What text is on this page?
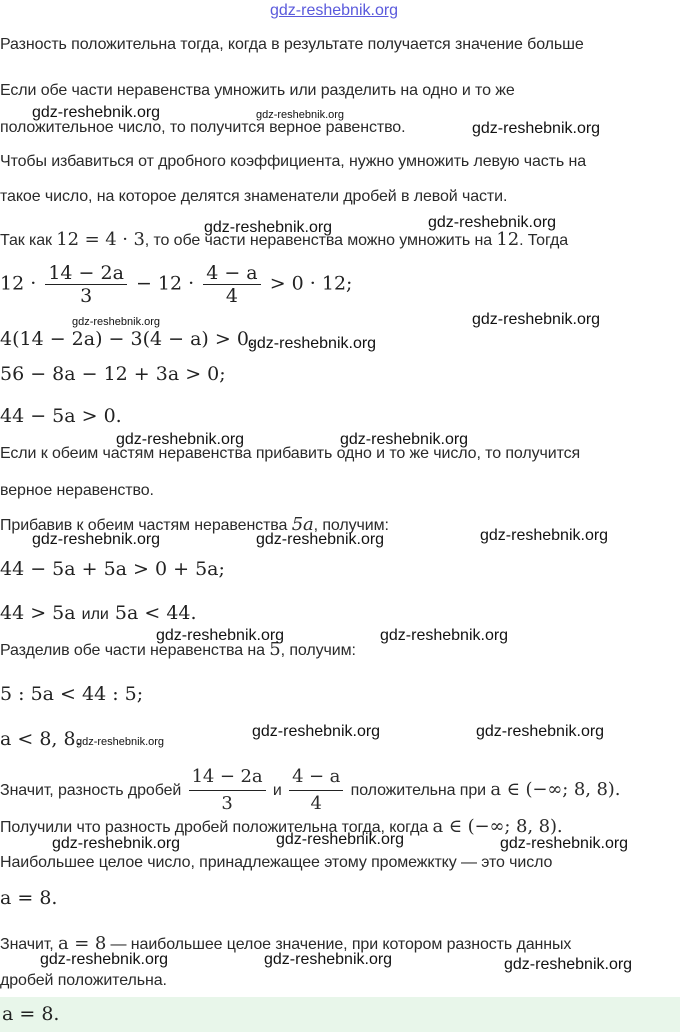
gdz-reshebnik.org
Разность положительна тогда, когда в результате получается значение больше
Если обе части неравенства умножить или разделить на одно и то же
положительное число, то получится верное равенство.
Чтобы избавиться от дробного коэффициента, нужно умножить левую часть на
такое число, на которое делятся знаменатели дробей в левой части.
Так как 12 = 4 · 3, то обе части неравенства можно умножить на 12. Тогда
$12 \cdot \frac{14 - 2a}{3} - 12 \cdot \frac{4 - a}{4} > 0 \cdot 12$;
4(14 − 2a) − 3(4 − a) > 0.
56 − 8a − 12 + 3a > 0;
44 − 5a > 0.
Если к обеим частям неравенства прибавить одно и то же число, то получится
верное неравенство.
Прибавив к обеим частям неравенства 5a, получим:
44 − 5a + 5a > 0 + 5a;
44 > 5a или 5a < 44.
Разделив обе части неравенства на 5, получим:
5 : 5a < 44 : 5;
a < 8, 8.
Значит, разность дробей $\frac{14 - 2a}{3}$ и $\frac{4 - a}{4}$ положительна при a ∈ (−∞; 8, 8).
Получили что разность дробей положительна тогда, когда a ∈ (−∞; 8, 8).
Наибольшее целое число, принадлежащее этому промежктку — это число
a = 8.
Значит, a = 8 — наибольшее целое значение, при котором разность данных
дробей положительна.
a = 8.
gdz-reshebnik.org	gdz-reshebnik.org
gdz-reshebnik.org
gdz-reshebnik.org	gdz-reshebnik.org
gdz-reshebnik.org	gdz-reshebnik.org
gdz-reshebnik.org
gdz-reshebnik.org	gdz-reshebnik.org
gdz-reshebnik.org	gdz-reshebnik.org	gdz-reshebnik.org
gdz-reshebnik.org	gdz-reshebnik.org
gdz-reshebnik.org
gdz-reshebnik.org	gdz-reshebnik.org
gdz-reshebnik.org	gdz-reshebnik.org	gdz-reshebnik.org
gdz-reshebnik.org	gdz-reshebnik.org	gdz-reshebnik.org
